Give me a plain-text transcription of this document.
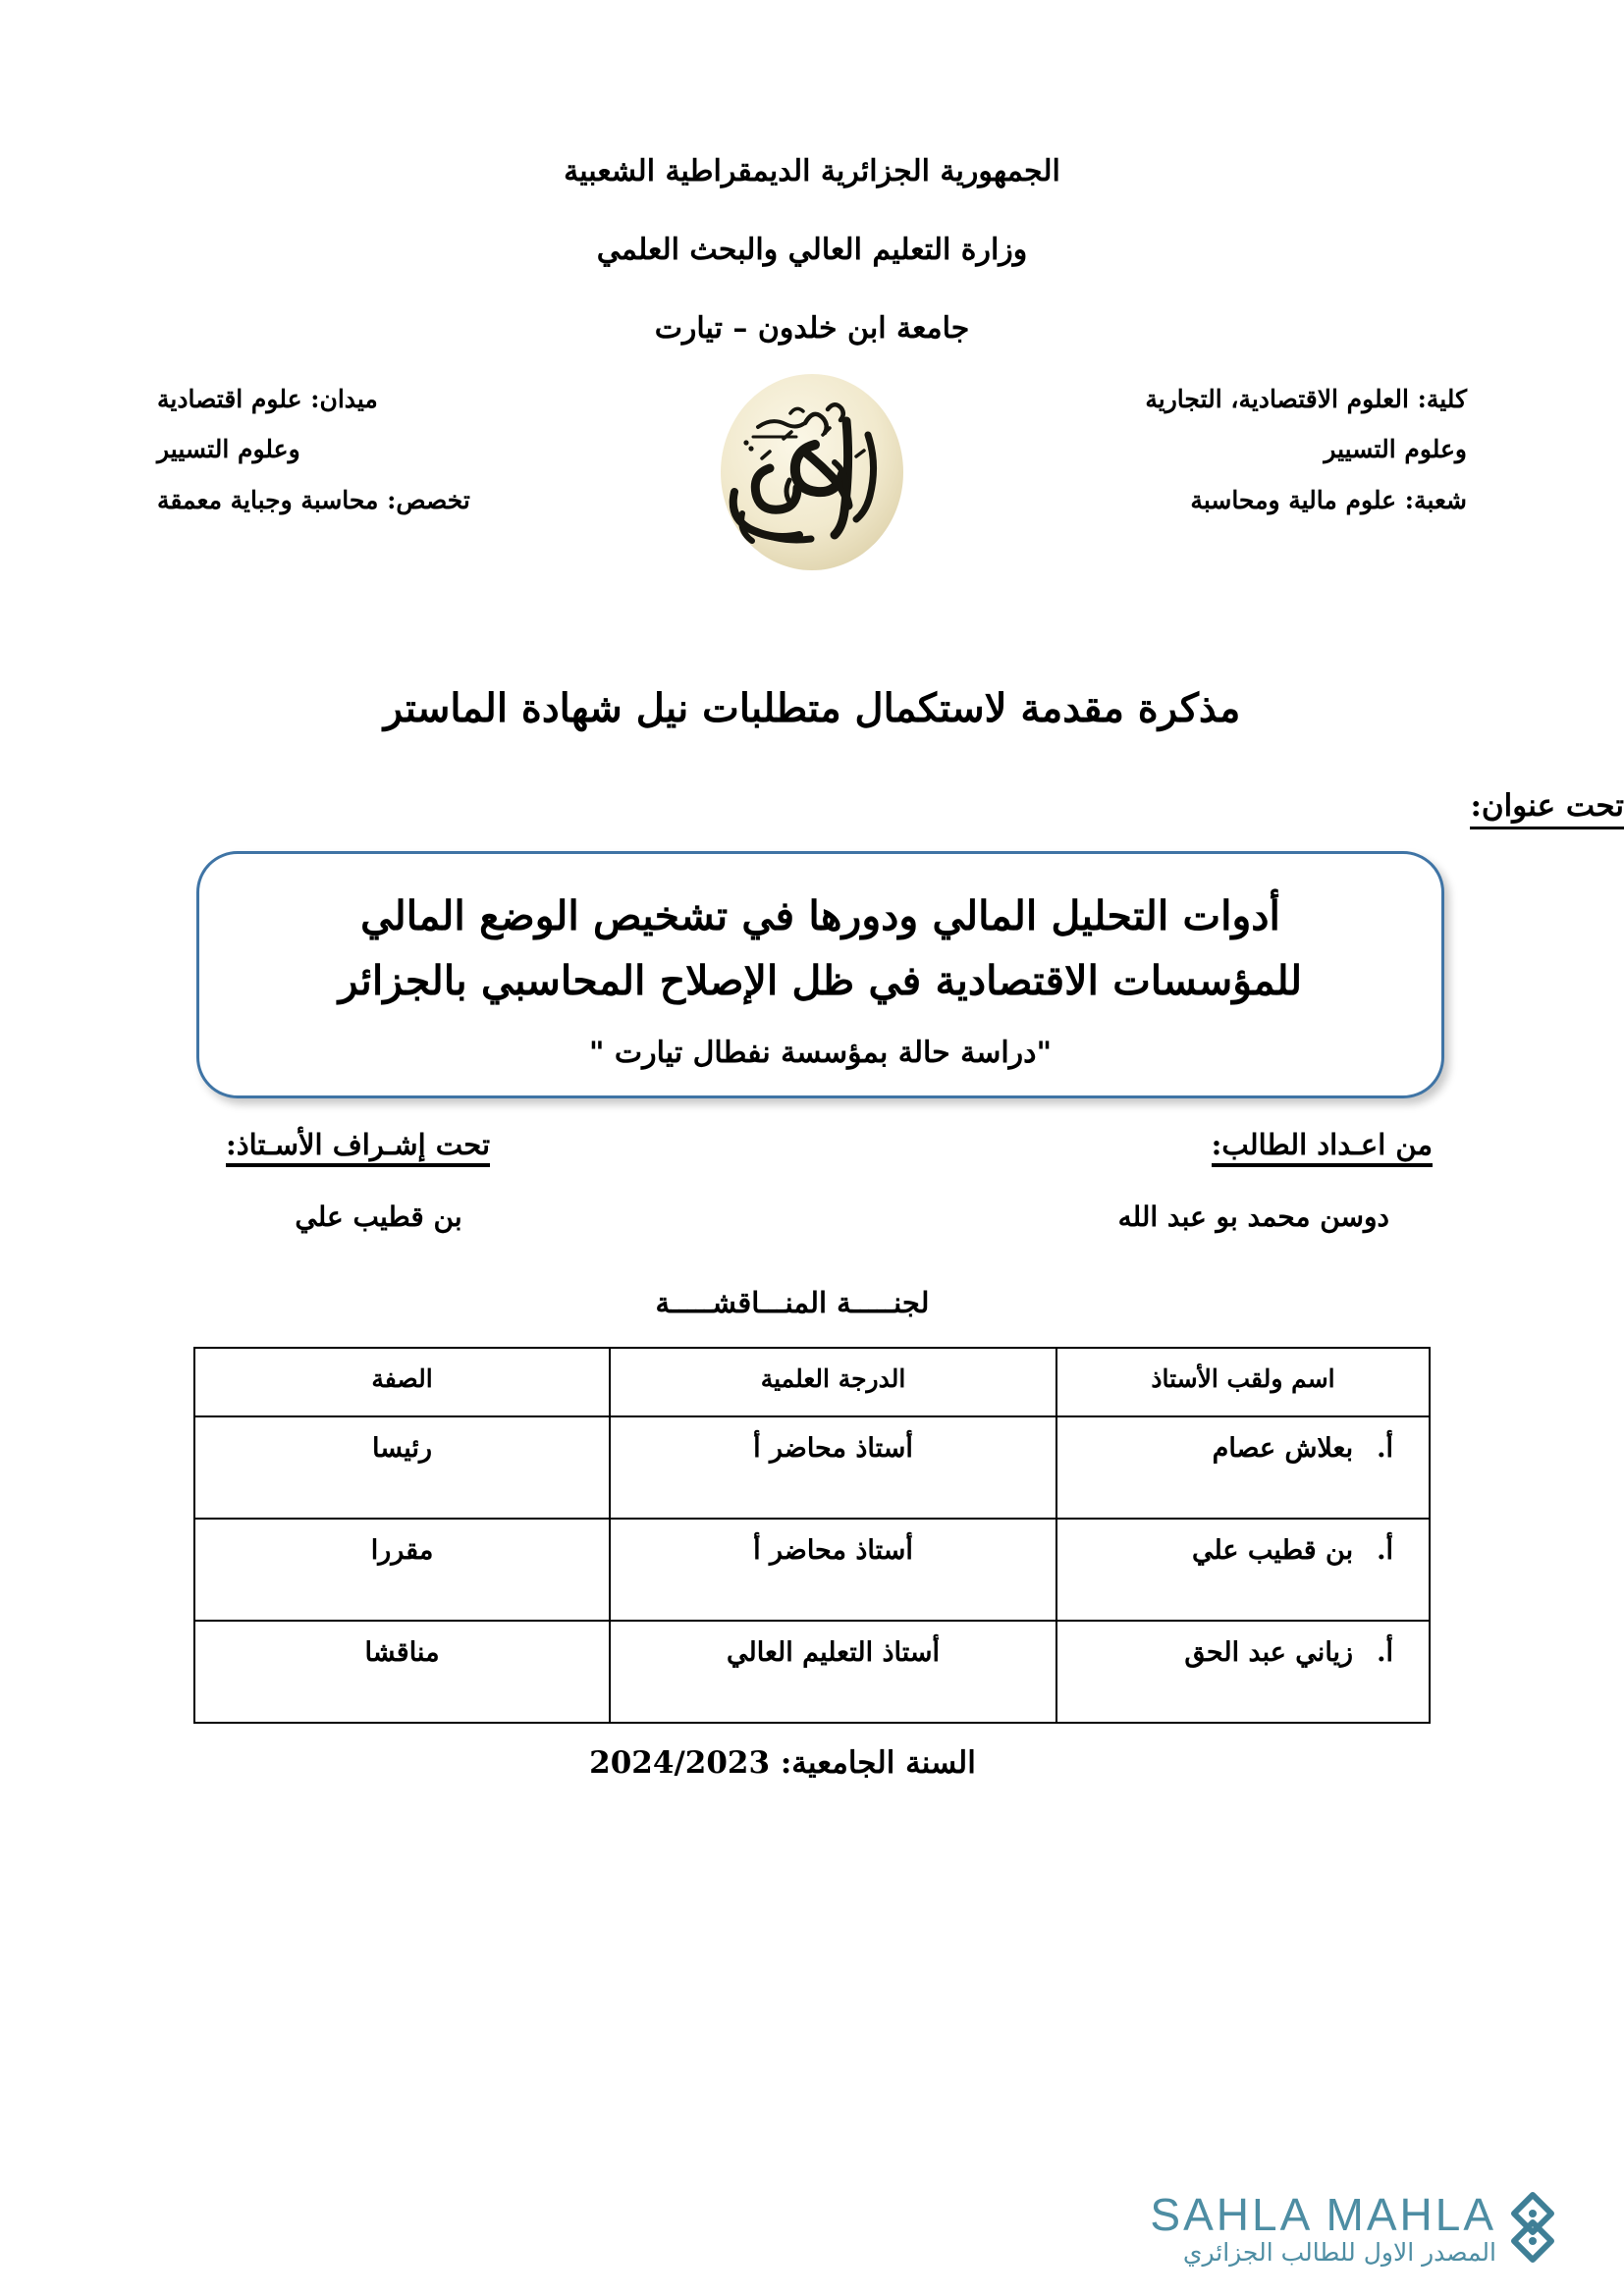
الجمهورية الجزائرية الديمقراطية الشعبية
وزارة التعليم العالي والبحث العلمي
جامعة ابن خلدون – تيارت
كلية: العلوم الاقتصادية، التجارية
وعلوم التسيير
شعبة: علوم مالية ومحاسبة
ميدان: علوم اقتصادية
وعلوم التسيير
تخصص: محاسبة وجباية معمقة
مذكرة مقدمة لاستكمال متطلبات نيل شهادة الماستر
تحت عنوان:
أدوات التحليل المالي ودورها في تشخيص الوضع المالي
للمؤسسات الاقتصادية في ظل الإصلاح المحاسبي بالجزائر
"دراسة حالة بمؤسسة نفطال تيارت "
من اعـداد الطالب:
دوسن محمد بو عبد الله
تحت إشـراف الأسـتاذ:
بن قطيب علي
لجنـــــة المنـــاقشـــــة
اسم ولقب الأستاذ	الدرجة العلمية	الصفة
أ.بعلاش عصام	أستاذ محاضر أ	رئيسا
أ.بن قطيب علي	أستاذ محاضر أ	مقررا
أ.زياني عبد الحق	أستاذ التعليم العالي	مناقشا
السنة الجامعية: 2024/2023
SAHLA MAHLA
المصدر الاول للطالب الجزائري
